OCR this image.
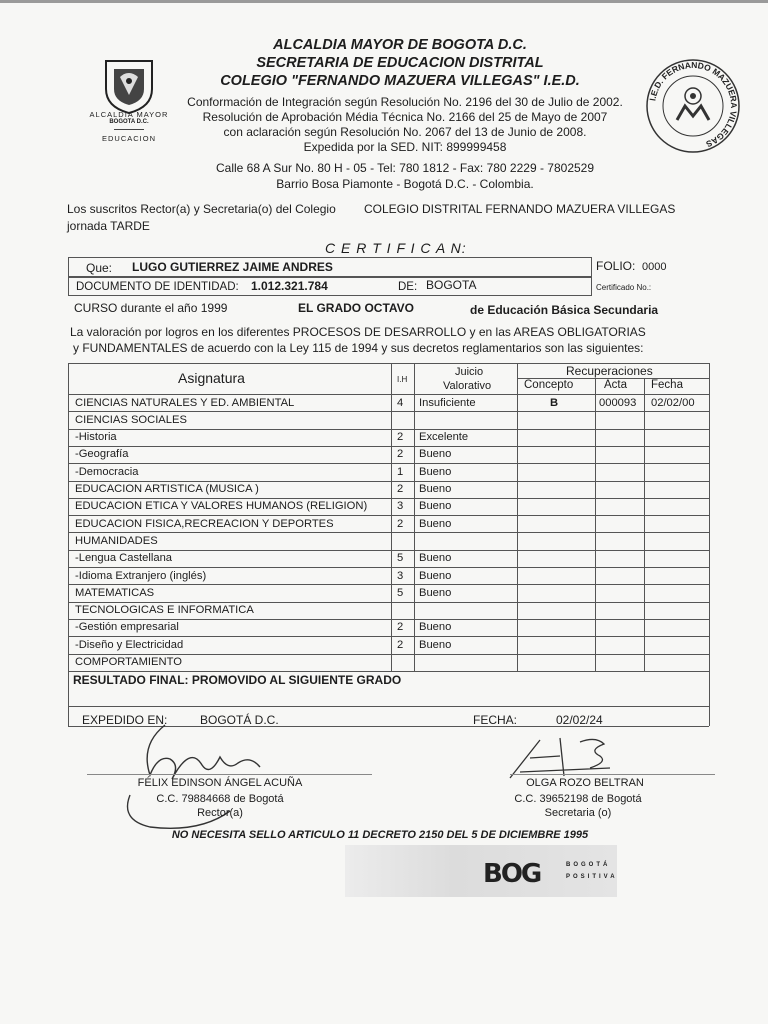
ALCALDIA MAYOR
BOGOTA D.C.
EDUCACION
ALCALDIA MAYOR DE BOGOTA D.C.
SECRETARIA DE EDUCACION DISTRITAL
COLEGIO "FERNANDO MAZUERA VILLEGAS" I.E.D.
Conformación de Integración según Resolución No. 2196 del 30 de Julio de 2002.
Resolución de Aprobación Média Técnica No. 2166 del 25 de Mayo de 2007
con aclaración según Resolución No. 2067 del 13 de Junio de 2008.
Expedida por la SED. NIT: 899999458
Calle 68 A Sur No. 80 H - 05 - Tel: 780 1812 - Fax: 780 2229 - 7802529
Barrio Bosa Piamonte - Bogotá D.C. - Colombia.
I.E.D. FERNANDO MAZUERA VILLEGAS
Los suscritos Rector(a) y Secretaria(o) del Colegio COLEGIO DISTRITAL FERNANDO MAZUERA VILLEGAS
jornada TARDE
C E R T I F I C A N:
Que: LUGO GUTIERREZ JAIME ANDRES	FOLIO: 0000
DOCUMENTO DE IDENTIDAD: 1.012.321.784	DE: BOGOTA	Certificado No.:
CURSO durante el año 1999	EL GRADO OCTAVO	de Educación Básica Secundaria
La valoración por logros en los diferentes PROCESOS DE DESARROLLO y en las AREAS OBLIGATORIAS
y FUNDAMENTALES de acuerdo con la Ley 115 de 1994 y sus decretos reglamentarios son las siguientes:
Asignatura	I.H
Juicio
Valorativo
Recuperaciones
Concepto	Acta Fecha
CIENCIAS NATURALES Y ED. AMBIENTAL	4 Insuficiente	B	000093 02/02/00
CIENCIAS SOCIALES
-Historia	2 Excelente
-Geografía	2 Bueno
-Democracia	1 Bueno
EDUCACION ARTISTICA (MUSICA )	2 Bueno
EDUCACION ETICA Y VALORES HUMANOS (RELIGION)	3 Bueno
EDUCACION FISICA,RECREACION Y DEPORTES	2 Bueno
HUMANIDADES
-Lengua Castellana	5 Bueno
-Idioma Extranjero (inglés)	3 Bueno
MATEMATICAS	5 Bueno
TECNOLOGICAS E INFORMATICA
-Gestión empresarial	2 Bueno
-Diseño y Electricidad	2 Bueno
COMPORTAMIENTO
RESULTADO FINAL: PROMOVIDO AL SIGUIENTE GRADO
EXPEDIDO EN:	BOGOTÁ D.C.	FECHA:	02/02/24
FÉLIX EDINSON ÁNGEL ACUÑA
C.C. 79884668 de Bogotá
Rector(a)
OLGA ROZO BELTRAN
C.C. 39652198 de Bogotá
Secretaria (o)
NO NECESITA SELLO ARTICULO 11 DECRETO 2150 DEL 5 DE DICIEMBRE 1995
BOG	BOGOTÁ
POSITIVA
